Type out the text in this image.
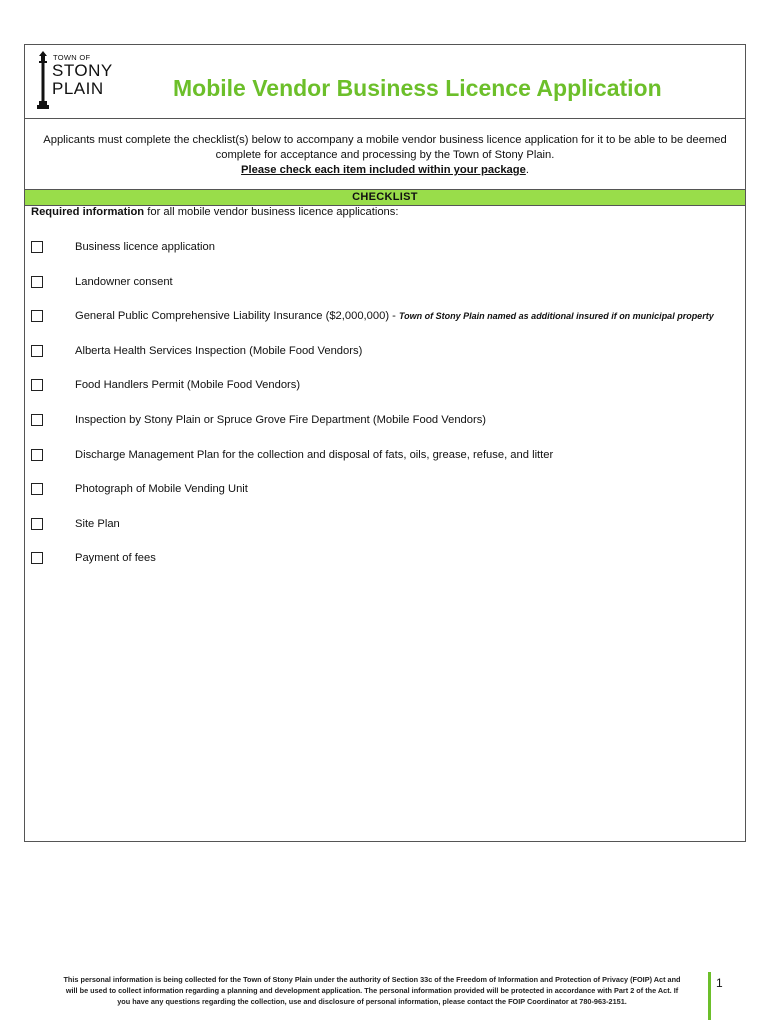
TOWN OF
STONY
PLAIN	Mobile Vendor Business Licence Application
Applicants must complete the checklist(s) below to accompany a mobile vendor business licence application for it to be able to be deemed
complete for acceptance and processing by the Town of Stony Plain.
Please check each item included within your package.
CHECKLIST
Required information for all mobile vendor business licence applications:
Business licence application
Landowner consent
General Public Comprehensive Liability Insurance ($2,000,000) - Town of Stony Plain named as additional insured if on municipal property
Alberta Health Services Inspection (Mobile Food Vendors)
Food Handlers Permit (Mobile Food Vendors)
Inspection by Stony Plain or Spruce Grove Fire Department (Mobile Food Vendors)
Discharge Management Plan for the collection and disposal of fats, oils, grease, refuse, and litter
Photograph of Mobile Vending Unit
Site Plan
Payment of fees
This personal information is being collected for the Town of Stony Plain under the authority of Section 33c of the Freedom of Information and Protection of Privacy (FOIP) Act and
will be used to collect information regarding a planning and development application. The personal information provided will be protected in accordance with Part 2 of the Act. If
you have any questions regarding the collection, use and disclosure of personal information, please contact the FOIP Coordinator at 780-963-2151.
1
